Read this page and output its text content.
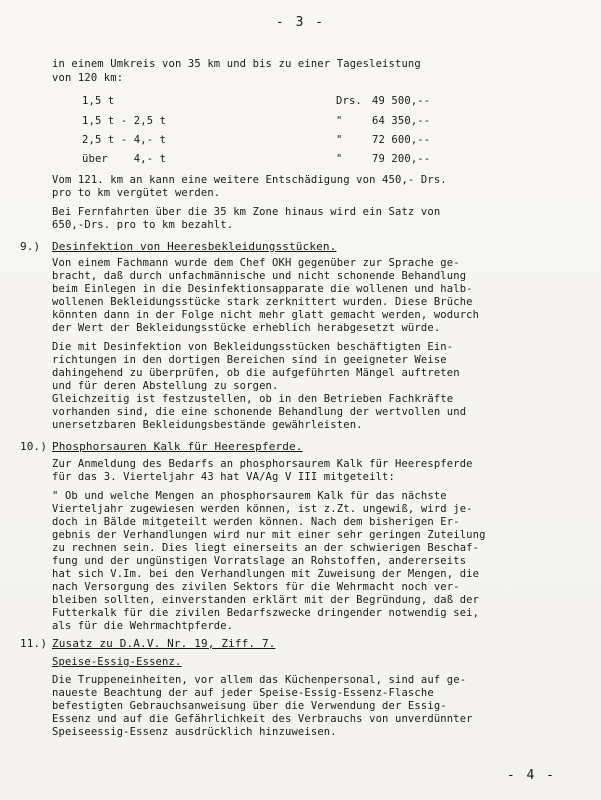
- 3 -

in einem Umkreis von 35 km und bis zu einer Tagesleistung

von 120 km:

1,5 t	Drs. 49 500,--
1,5 t - 2,5 t	"	64 350,--
2,5 t - 4,- t	"	72 600,--
über    4,- t	"	79 200,--

Vom 121. km an kann eine weitere Entschädigung von 450,- Drs.
pro to km vergütet werden.

Bei Fernfahrten über die 35 km Zone hinaus wird ein Satz von
650,-Drs. pro to km bezahlt.

9.) Desinfektion von Heeresbekleidungsstücken.

Von einem Fachmann wurde dem Chef OKH gegenüber zur Sprache ge-
bracht, daß durch unfachmännische und nicht schonende Behandlung
beim Einlegen in die Desinfektionsapparate die wollenen und halb-
wollenen Bekleidungsstücke stark zerknittert wurden. Diese Brüche
könnten dann in der Folge nicht mehr glatt gemacht werden, wodurch
der Wert der Bekleidungsstücke erheblich herabgesetzt würde.

Die mit Desinfektion von Bekleidungsstücken beschäftigten Ein-
richtungen in den dortigen Bereichen sind in geeigneter Weise
dahingehend zu überprüfen, ob die aufgeführten Mängel auftreten
und für deren Abstellung zu sorgen.
Gleichzeitig ist festzustellen, ob in den Betrieben Fachkräfte
vorhanden sind, die eine schonende Behandlung der wertvollen und
unersetzbaren Bekleidungsbestände gewährleisten.

10.) Phosphorsauren Kalk für Heerespferde.

Zur Anmeldung des Bedarfs an phosphorsaurem Kalk für Heerespferde
für das 3. Vierteljahr 43 hat VA/Ag V III mitgeteilt:

" Ob und welche Mengen an phosphorsaurem Kalk für das nächste
Vierteljahr zugewiesen werden können, ist z.Zt. ungewiß, wird je-
doch in Bälde mitgeteilt werden können. Nach dem bisherigen Er-
gebnis der Verhandlungen wird nur mit einer sehr geringen Zuteilung
zu rechnen sein. Dies liegt einerseits an der schwierigen Beschaf-
fung und der ungünstigen Vorratslage an Rohstoffen, andererseits
hat sich V.Im. bei den Verhandlungen mit Zuweisung der Mengen, die
nach Versorgung des zivilen Sektors für die Wehrmacht noch ver-
bleiben sollten, einverstanden erklärt mit der Begründung, daß der
Futterkalk für die zivilen Bedarfszwecke dringender notwendig sei,
als für die Wehrmachtpferde.

11.) Zusatz zu D.A.V. Nr. 19, Ziff. 7.

Speise-Essig-Essenz.

Die Truppeneinheiten, vor allem das Küchenpersonal, sind auf ge-
naueste Beachtung der auf jeder Speise-Essig-Essenz-Flasche
befestigten Gebrauchsanweisung über die Verwendung der Essig-
Essenz und auf die Gefährlichkeit des Verbrauchs von unverdünnter
Speiseessig-Essenz ausdrücklich hinzuweisen.

- 4 -
